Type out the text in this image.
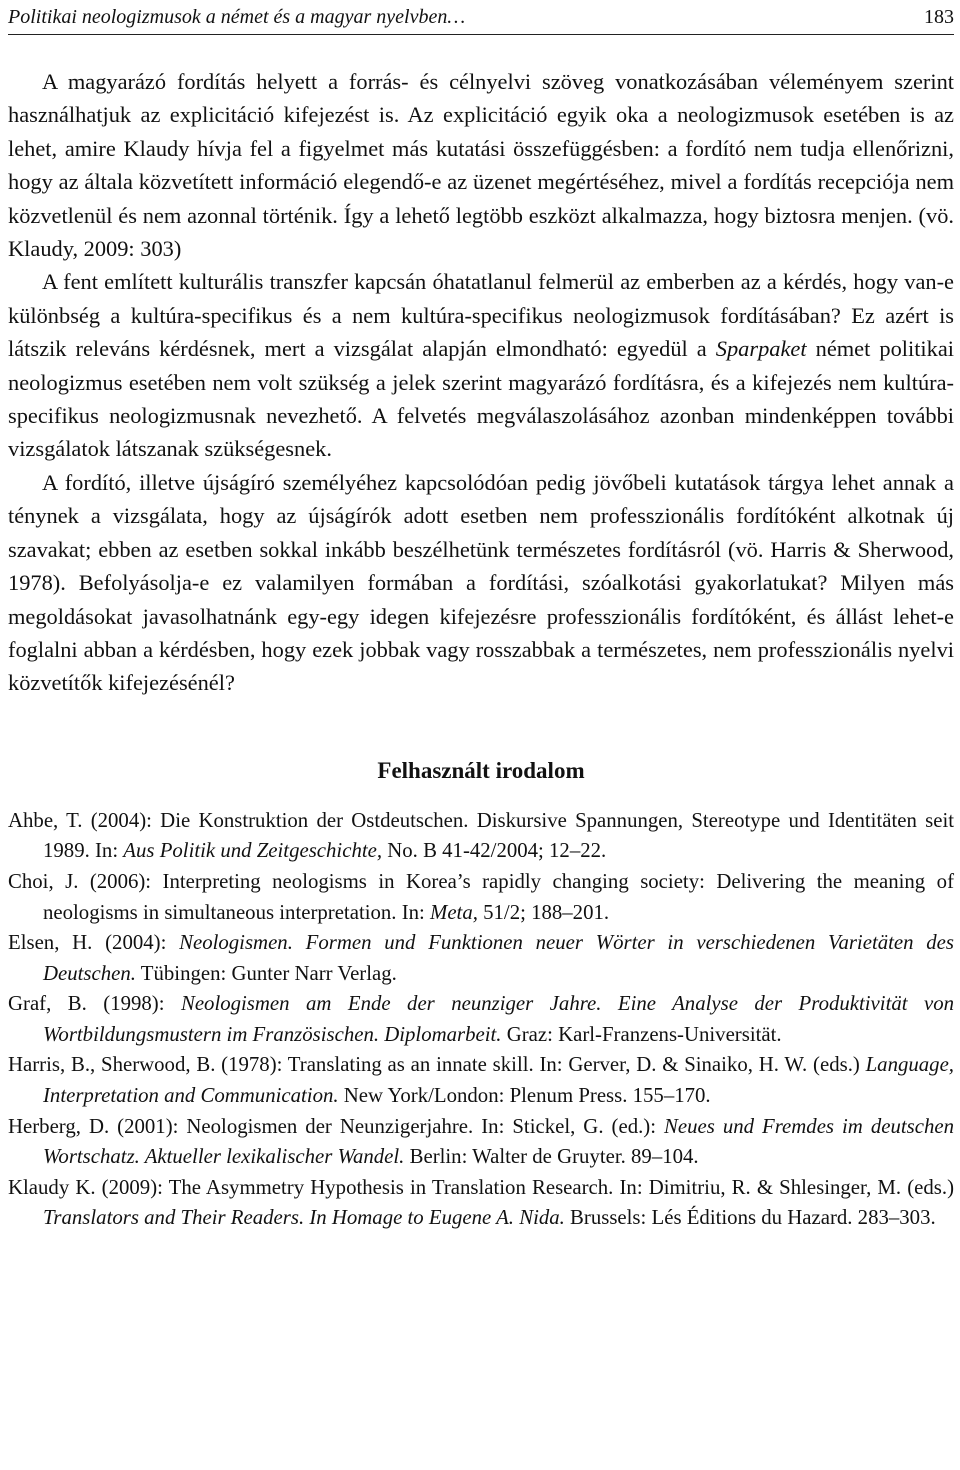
Politikai neologizmusok a német és a magyar nyelvben…	183

A magyarázó fordítás helyett a forrás- és célnyelvi szöveg vonatkozásában véleményem szerint használhatjuk az explicitáció kifejezést is. Az explicitáció egyik oka a neologizmusok esetében is az lehet, amire Klaudy hívja fel a figyelmet más kutatási összefüggésben: a fordító nem tudja ellenőrizni, hogy az általa közvetített információ elegendő-e az üzenet megértéséhez, mivel a fordítás recepciója nem közvetlenül és nem azonnal történik. Így a lehető legtöbb eszközt alkalmazza, hogy biztosra menjen. (vö. Klaudy, 2009: 303)

A fent említett kulturális transzfer kapcsán óhatatlanul felmerül az emberben az a kérdés, hogy van-e különbség a kultúra-specifikus és a nem kultúra-specifikus neologizmusok fordításában? Ez azért is látszik releváns kérdésnek, mert a vizsgálat alapján elmondható: egyedül a Sparpaket német politikai neologizmus esetében nem volt szükség a jelek szerint magyarázó fordításra, és a kifejezés nem kultúra-specifikus neologizmusnak nevezhető. A felvetés megválaszolásához azonban mindenképpen további vizsgálatok látszanak szükségesnek.

A fordító, illetve újságíró személyéhez kapcsolódóan pedig jövőbeli kutatások tárgya lehet annak a ténynek a vizsgálata, hogy az újságírók adott esetben nem professzionális fordítóként alkotnak új szavakat; ebben az esetben sokkal inkább beszélhetünk természetes fordításról (vö. Harris & Sherwood, 1978). Befolyásolja-e ez valamilyen formában a fordítási, szóalkotási gyakorlatukat? Milyen más megoldásokat javasolhatnánk egy-egy idegen kifejezésre professzionális fordítóként, és állást lehet-e foglalni abban a kérdésben, hogy ezek jobbak vagy rosszabbak a természetes, nem professzionális nyelvi közvetítők kifejezésénél?

Felhasznált irodalom

Ahbe, T. (2004): Die Konstruktion der Ostdeutschen. Diskursive Spannungen, Stereotype und Identitäten seit 1989. In: Aus Politik und Zeitgeschichte, No. B 41-42/2004; 12–22.

Choi, J. (2006): Interpreting neologisms in Korea’s rapidly changing society: Delivering the meaning of neologisms in simultaneous interpretation. In: Meta, 51/2; 188–201.

Elsen, H. (2004): Neologismen. Formen und Funktionen neuer Wörter in verschiedenen Varietäten des Deutschen. Tübingen: Gunter Narr Verlag.

Graf, B. (1998): Neologismen am Ende der neunziger Jahre. Eine Analyse der Produktivität von Wortbildungsmustern im Französischen. Diplomarbeit. Graz: Karl-Franzens-Universität.

Harris, B., Sherwood, B. (1978): Translating as an innate skill. In: Gerver, D. & Sinaiko, H. W. (eds.) Language, Interpretation and Communication. New York/London: Plenum Press. 155–170.

Herberg, D. (2001): Neologismen der Neunzigerjahre. In: Stickel, G. (ed.): Neues und Fremdes im deutschen Wortschatz. Aktueller lexikalischer Wandel. Berlin: Walter de Gruyter. 89–104.

Klaudy K. (2009): The Asymmetry Hypothesis in Translation Research. In: Dimitriu, R. & Shlesinger, M. (eds.) Translators and Their Readers. In Homage to Eugene A. Nida. Brussels: Lés Éditions du Hazard. 283–303.
